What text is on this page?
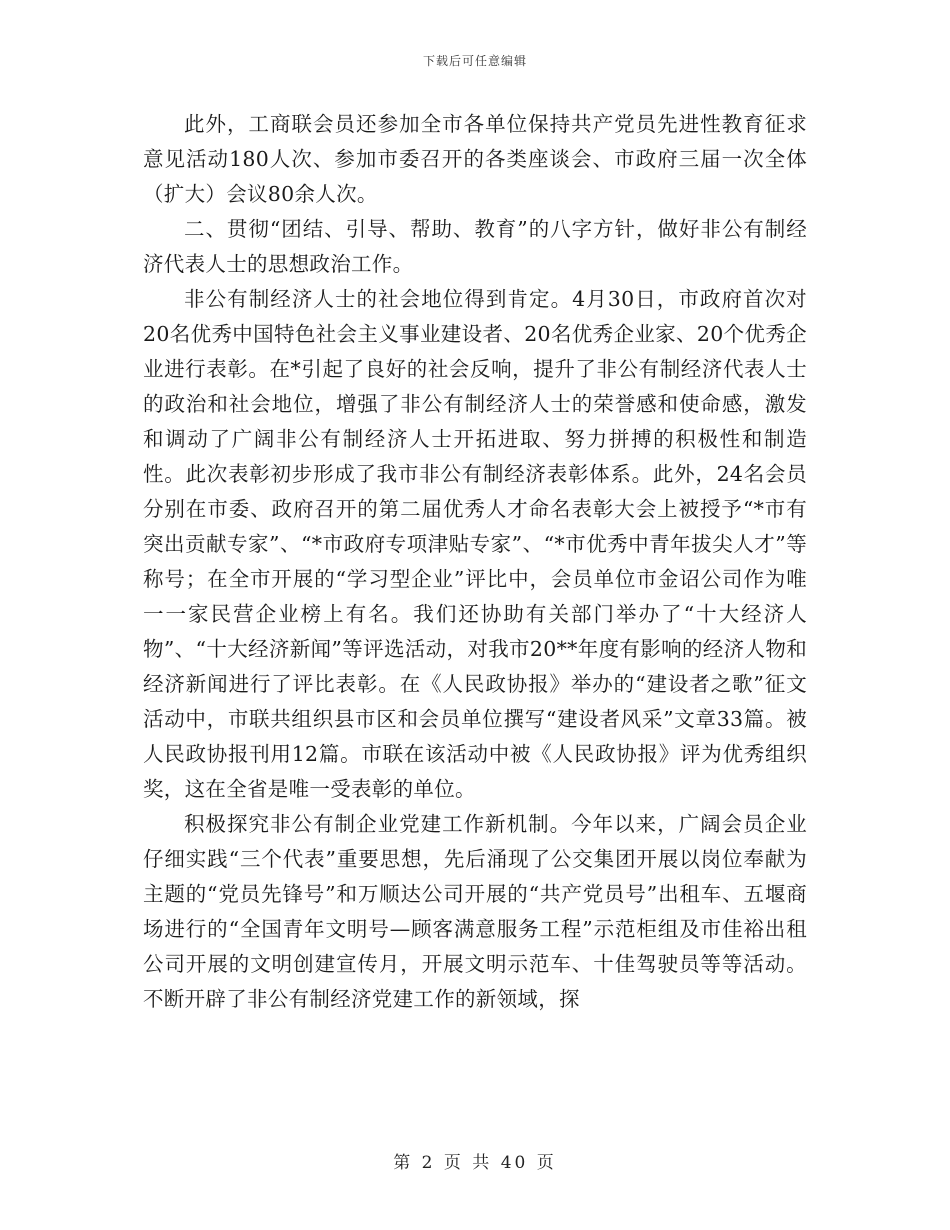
下载后可任意编辑

此外，工商联会员还参加全市各单位保持共产党员先进性教育征求意见活动180人次、参加市委召开的各类座谈会、市政府三届一次全体（扩大）会议80余人次。

二、贯彻“团结、引导、帮助、教育”的八字方针，做好非公有制经济代表人士的思想政治工作。

非公有制经济人士的社会地位得到肯定。4月30日，市政府首次对20名优秀中国特色社会主义事业建设者、20名优秀企业家、20个优秀企业进行表彰。在*引起了良好的社会反响，提升了非公有制经济代表人士的政治和社会地位，增强了非公有制经济人士的荣誉感和使命感，激发和调动了广阔非公有制经济人士开拓进取、努力拼搏的积极性和制造性。此次表彰初步形成了我市非公有制经济表彰体系。此外，24名会员分别在市委、政府召开的第二届优秀人才命名表彰大会上被授予“*市有突出贡献专家”、“*市政府专项津贴专家”、“*市优秀中青年拔尖人才”等称号；在全市开展的“学习型企业”评比中，会员单位市金诏公司作为唯一一家民营企业榜上有名。我们还协助有关部门举办了“十大经济人物”、“十大经济新闻”等评选活动，对我市20**年度有影响的经济人物和经济新闻进行了评比表彰。在《人民政协报》举办的“建设者之歌”征文活动中，市联共组织县市区和会员单位撰写“建设者风采”文章33篇。被人民政协报刊用12篇。市联在该活动中被《人民政协报》评为优秀组织奖，这在全省是唯一受表彰的单位。

积极探究非公有制企业党建工作新机制。今年以来，广阔会员企业仔细实践“三个代表”重要思想，先后涌现了公交集团开展以岗位奉献为主题的“党员先锋号”和万顺达公司开展的“共产党员号”出租车、五堰商场进行的“全国青年文明号—顾客满意服务工程”示范柜组及市佳裕出租公司开展的文明创建宣传月，开展文明示范车、十佳驾驶员等等活动。不断开辟了非公有制经济党建工作的新领域，探

第 2 页 共 40 页
